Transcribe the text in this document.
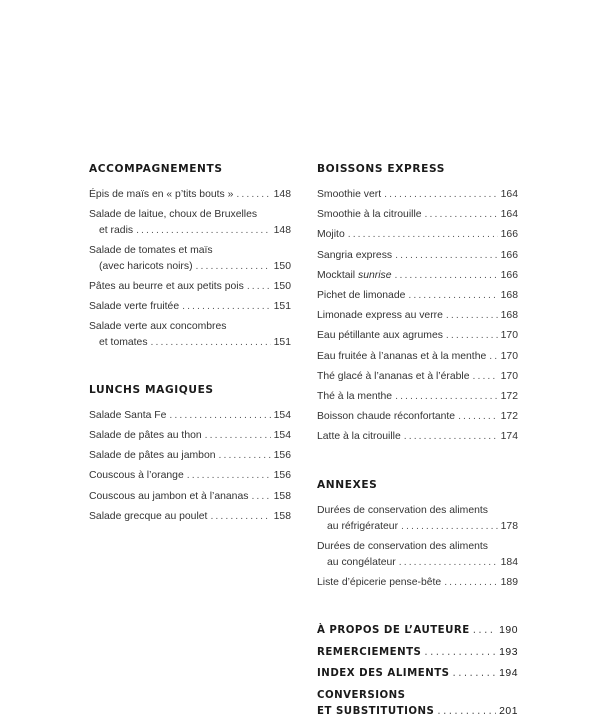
ACCOMPAGNEMENTS
Épis de maïs en « p’tits bouts » . . .	148
Salade de laitue, choux de Bruxelles
et radis . . .	148
Salade de tomates et maïs
(avec haricots noirs) . . .	150
Pâtes au beurre et aux petits pois . . .	150
Salade verte fruitée . . .	151
Salade verte aux concombres
et tomates . . .	151
LUNCHS MAGIQUES
Salade Santa Fe . . .	154
Salade de pâtes au thon . . .	154
Salade de pâtes au jambon . . .	156
Couscous à l’orange . . .	156
Couscous au jambon et à l’ananas . . . 158
Salade grecque au poulet . . .	158
BOISSONS EXPRESS
Smoothie vert . . .	164
Smoothie à la citrouille . . .	164
Mojito . . .	166
Sangria express . . .	166
Mocktail sunrise . . .	166
Pichet de limonade . . .	168
Limonade express au verre . . .	168
Eau pétillante aux agrumes . . .	170
Eau fruitée à l’ananas et à la menthe . . . 170
Thé glacé à l’ananas et à l’érable . . .	170
Thé à la menthe . . .	172
Boisson chaude réconfortante . . .	172
Latte à la citrouille . . .	174
ANNEXES
Durées de conservation des aliments
au réfrigérateur . . .	178
Durées de conservation des aliments
au congélateur . . .	184
Liste d’épicerie pense-bête . . .	189
À PROPOS DE L’AUTEURE . . .	190
REMERCIEMENTS . . .	193
INDEX DES ALIMENTS . . .	194
CONVERSIONS
ET SUBSTITUTIONS . . .	201
